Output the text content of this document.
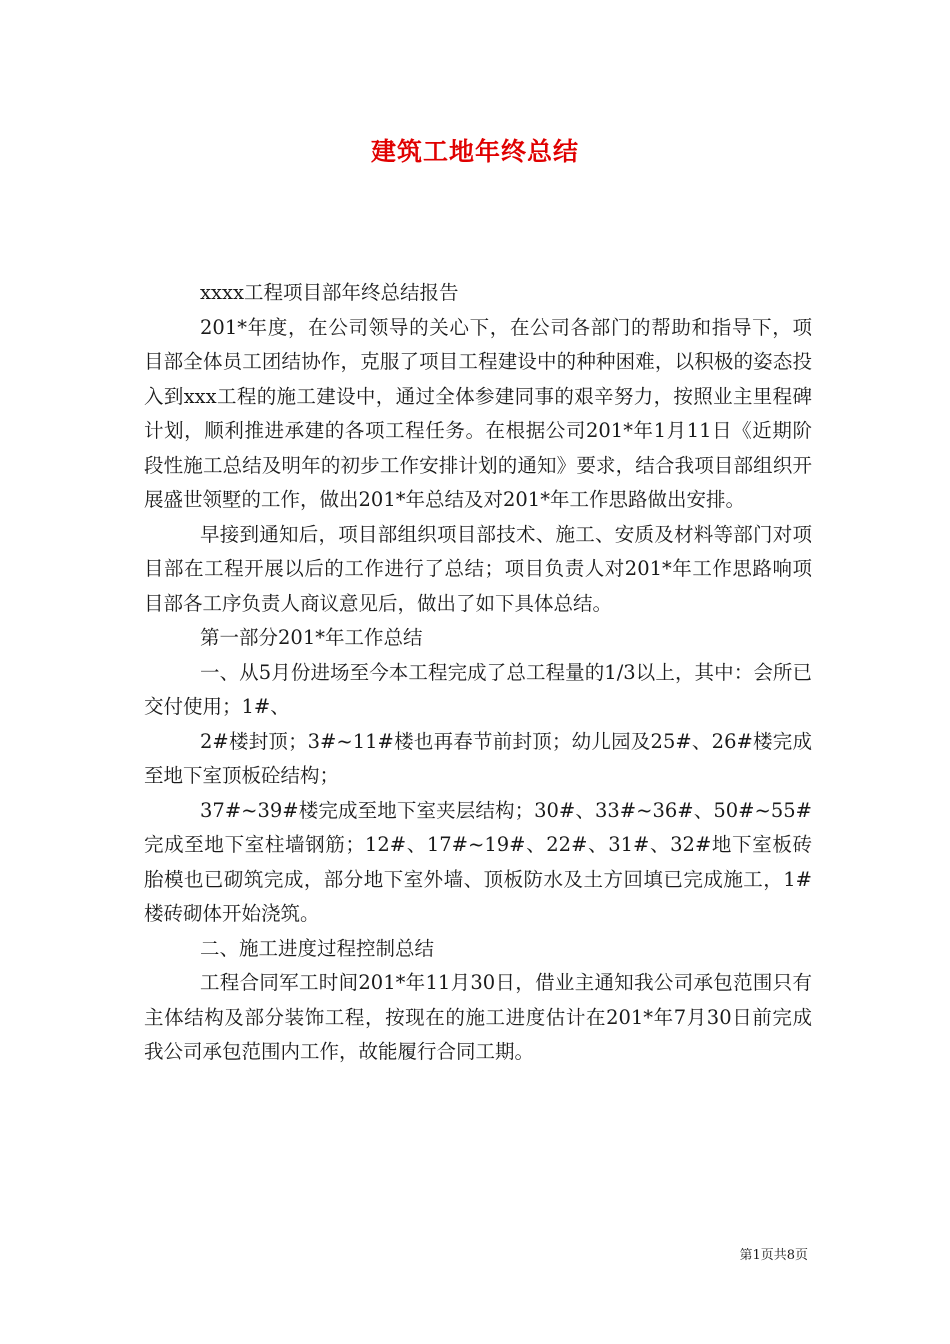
建筑工地年终总结

xxxx工程项目部年终总结报告

201*年度，在公司领导的关心下，在公司各部门的帮助和指导下，项目部全体员工团结协作，克服了项目工程建设中的种种困难，以积极的姿态投入到xxx工程的施工建设中，通过全体参建同事的艰辛努力，按照业主里程碑计划，顺利推进承建的各项工程任务。在根据公司201*年1月11日《近期阶段性施工总结及明年的初步工作安排计划的通知》要求，结合我项目部组织开展盛世领墅的工作，做出201*年总结及对201*年工作思路做出安排。

早接到通知后，项目部组织项目部技术、施工、安质及材料等部门对项目部在工程开展以后的工作进行了总结；项目负责人对201*年工作思路响项目部各工序负责人商议意见后，做出了如下具体总结。

第一部分201*年工作总结

一、从5月份进场至今本工程完成了总工程量的1/3以上，其中：会所已交付使用；1#、

2#楼封顶；3#~11#楼也再春节前封顶；幼儿园及25#、26#楼完成至地下室顶板砼结构；

37#~39#楼完成至地下室夹层结构；30#、33#~36#、50#~55#完成至地下室柱墙钢筋；12#、17#~19#、22#、31#、32#地下室板砖胎模也已砌筑完成，部分地下室外墙、顶板防水及土方回填已完成施工，1#楼砖砌体开始浇筑。

二、施工进度过程控制总结

工程合同军工时间201*年11月30日，借业主通知我公司承包范围只有主体结构及部分装饰工程，按现在的施工进度估计在201*年7月30日前完成我公司承包范围内工作，故能履行合同工期。

第1页共8页
